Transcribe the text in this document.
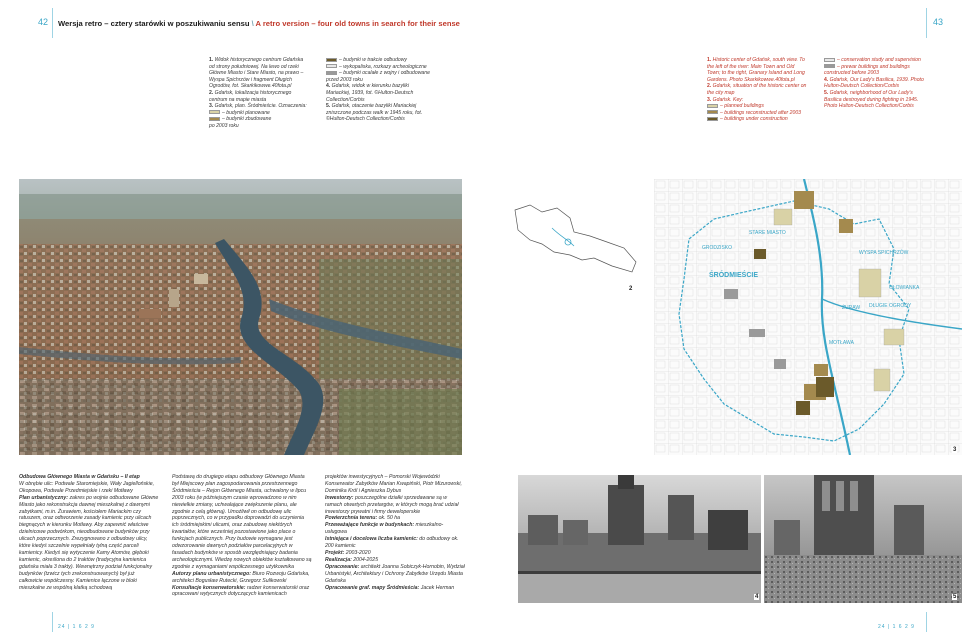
42	43
Wersja retro – cztery starówki w poszukiwaniu sensu \ A retro version – four old towns in search for their sense

1. Widok historycznego centrum Gdańska od strony południowej. Na lewo od rzeki Główne Miasto i Stare Miasto, na prawo – Wyspa Spichrzów i fragment Długich Ogrodów, fot. Skarkikowwe.40fota.pl

2. Gdańsk, lokalizacja historycznego centrum na mapie miasta

3. Gdańsk, plan. Śródmieście. Oznaczenia:

– budynki planowane

– budynki zbudowane

po 2003 roku

– budynki w trakcie odbudowy

– wykopaliska, rozkazy archeologiczne

– budynki ocalałe z wojny i odbudowane przed 2003 roku

4. Gdańsk, widok w kierunku bazyliki Mariackiej, 1939, fot. ©Hulton-Deutsch Collection/Corbis

5. Gdańsk, otaczenie bazyliki Mariackiej zniszczone podczas walk w 1945 roku, fot. ©Hulton-Deutsch Collection/Corbis

1. Historic center of Gdańsk, south view. To the left of the river: Main Town and Old Town; to the right, Granary Island and Long Gardens. Photo Skarkikowwe.40fota.pl

2. Gdańsk, situation of the historic center on the city map

3. Gdańsk. Key:

– planned buildings

– buildings reconstructed after 2003

– buildings under construction

– conservation study and supervision

– prewar buildings and buildings constructed before 2003

4. Gdańsk, Our Lady's Basilica, 1939. Photo Hulton-Deutsch Collection/Corbis

5. Gdańsk, neighborhood of Our Lady's Basilica destroyed during fighting in 1945. Photo Hulton-Deutsch Collection/Corbis

2
GRODZISKO
STARE MIASTO
ŚRÓDMIEŚCIE
WYSPA SPICHRZÓW
ŻURAW
MOTŁAWA
DŁUGIE OGRODY
OŁOWIANKA
3
4	5

Odbudowa Głównego Miasta w Gdańsku – II etap

W obrębie ulic: Podwale Staromiejskie, Wały Jagiellońskie, Okopowa, Podwale Przedmiejskie i rzeki Motławy

Plan urbanistyczny: zakres po wojnie odbudowane Główne Miasto jako rekonstrukcja dawnej mieszkalnej z dawnymi zabytkami, m.in. Żurawiem, kościołem Mariackim czy ratuszem, oraz odtworzenie zasady kamienic przy ulicach biegnących w kierunku Motławy. Aby zapewnić właściwe dzielnicowe podwórkom, nieodbudowane budynków przy ulicach poprzecznych. Zrezygnowano z odbudowy ulicy, które kiedyś szczelnie wypełniały tylną część parceli kamienicy. Kiedyś się wytyczenie Kamy Atomów, głęboki kamienic, określona do 2 traktów (tradycyjna kamienica gdańska miała 3 trakty). Wewnętrzny podział funkcjonalny budynków (tzwicz tych zrekonstruowanych) był już całkowicie współczesny. Kamienice łączone w bloki mieszkalne ze wspólną klatką schodową

Podstawą do drugiego etapu odbudowy Głównego Miasta był Miejscowy plan zagospodarowania przestrzennego Śródmieścia – Rejon Głównego Miasta, uchwalony w lipcu 2003 roku (w późniejszym czasie wprowadzono w nim niewielkie zmiany, uchwalające zwiększenie planu, ale zgodnie z celą główną). Umożliwił on odbudowę ulic poprzecznych, co w przypadku doprowadzi do uczynienia ich śródmiejskimi ulicami, oraz zabudowę niektórych kwartałów, które wcześniej pozostawione jako place o funkcjach publicznych. Przy budowie wymagane jest odwzorowanie dawnych podziałów parcelacyjnych w fasadach budynków w sposób uwzględniający badania archeologicznymi. Wiedzę nowych obiektów kształtowano są zgodnie z wymaganiami współczesnego użytkownika

Autorzy planu urbanistycznego: Biuro Rozwoju Gdańska, architekci Bogusław Rutecki, Grzegorz Sulikowski

Konsultacje konserwatorskie: radzer konserwatorski oraz opracowani wytycznych dotyczących kamienicach

projektów inwestycyjnych – Pomorski Wojewódzki Konserwator Zabytków Marian Kwapiński, Piotr Mizurowski, Dominika Król i Agnieszka Dybus

Inwestorzy: poszczególne działki sprzedawane są w ramach otwartych przetargów, w których mogą brać udział inwestorzy prywatni i firmy deweloperskie

Powierzchnia terenu: ok. 50 ha

Przeważające funkcje w budynkach: mieszkalno-usługowa

Istniejąca i docelowa liczba kamienic: do odbudowy ok. 200 kamienic

Projekt: 2003-2020

Realizacja: 2004-2025

Opracowanie: architekt Joanna Sobiczyk-Hornobin, Wydział Urbanistyki, Architektury i Ochrony Zabytków Urzędu Miasta Gdańska

Opracowanie graf. mapy Śródmieścia: Jacek Herman

24 | 1 6 2 9	24 | 1 6 2 9
